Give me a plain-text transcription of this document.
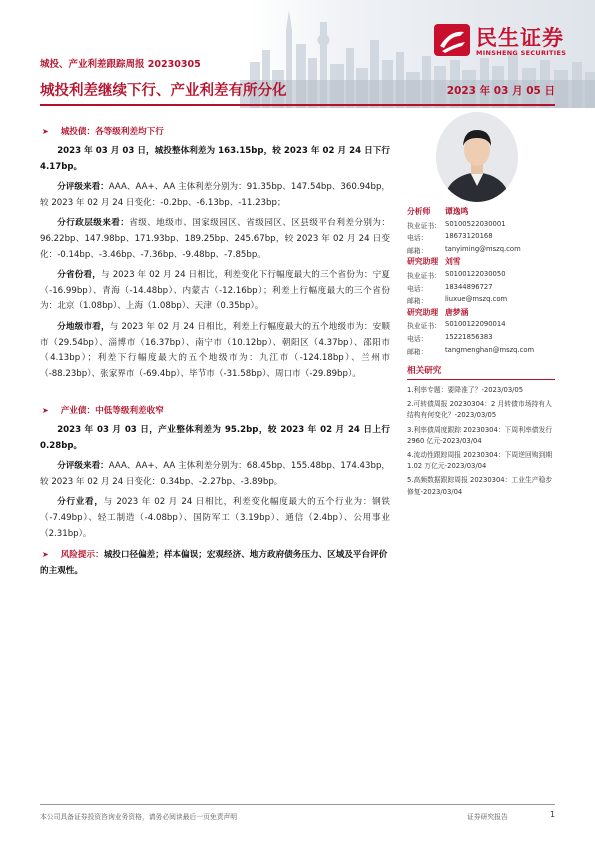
民生证券
MINSHENG SECURITIES
城投、产业利差跟踪周报 20230305
城投利差继续下行、产业利差有所分化	2023 年 03 月 05 日
➤ 城投债：各等级利差均下行

2023 年 03 月 03 日，城投整体利差为 163.15bp，较 2023 年 02 月 24 日下行 4.17bp。

分评级来看：AAA、AA+、AA 主体利差分别为：91.35bp、147.54bp、360.94bp，较 2023 年 02 月 24 日变化：-0.2bp、-6.13bp、-11.23bp；

分行政层级来看：省级、地级市、国家级园区、省级园区、区县级平台利差分别为：96.22bp、147.98bp、171.93bp、189.25bp、245.67bp，较 2023 年 02 月 24 日变化：-0.14bp、-3.46bp、-7.36bp、-9.48bp、-7.85bp。

分省份看，与 2023 年 02 月 24 日相比，利差变化下行幅度最大的三个省份为：宁夏（-16.99bp）、青海（-14.48bp）、内蒙古（-12.16bp）；利差上行幅度最大的三个省份为：北京（1.08bp）、上海（1.08bp）、天津（0.35bp）。

分地级市看，与 2023 年 02 月 24 日相比，利差上行幅度最大的五个地级市为：安顺市（29.54bp）、淄博市（16.37bp）、南宁市（10.12bp）、朝阳区（4.37bp）、邵阳市（4.13bp）；利差下行幅度最大的五个地级市为：九江市（-124.18bp）、兰州市（-88.23bp）、张家界市（-69.4bp）、毕节市（-31.58bp）、周口市（-29.89bp）。

➤ 产业债：中低等级利差收窄

2023 年 03 月 03 日，产业整体利差为 95.2bp，较 2023 年 02 月 24 日上行 0.28bp。

分评级来看：AAA、AA+、AA 主体利差分别为：68.45bp、155.48bp、174.43bp，较 2023 年 02 月 24 日变化：0.34bp、-2.27bp、-3.89bp。

分行业看，与 2023 年 02 月 24 日相比，利差变化幅度最大的五个行业为：钢铁（-7.49bp）、轻工制造（-4.08bp）、国防军工（3.19bp）、通信（2.4bp）、公用事业（2.31bp）。

➤ 风险提示：城投口径偏差；样本偏误；宏观经济、地方政府债务压力、区域及平台评价的主观性。

分析师 谭逸鸣
执业证书： S0100522030001
电话：	18673120168
邮箱：	tanyiming@mszq.com
研究助理 刘雪
执业证书： S0100122030050
电话：	18344896727
邮箱：	liuxue@mszq.com
研究助理 唐梦涵
执业证书： S0100122090014
电话：	15221856383
邮箱：	tangmenghan@mszq.com
相关研究
1.利率专题：要降准了？-2023/03/05
2.可转债周报 20230304：2 月转债市场持有人结构有何变化？-2023/03/05
3.利率债周度跟踪 20230304：下周利率债发行 2960 亿元-2023/03/04
4.流动性跟踪周报 20230304：下周逆回购到期 1.02 万亿元-2023/03/04
5.高频数据跟踪周报 20230304：工业生产稳步修复-2023/03/04
本公司具备证券投资咨询业务资格，请务必阅读最后一页免责声明	证券研究报告	1
